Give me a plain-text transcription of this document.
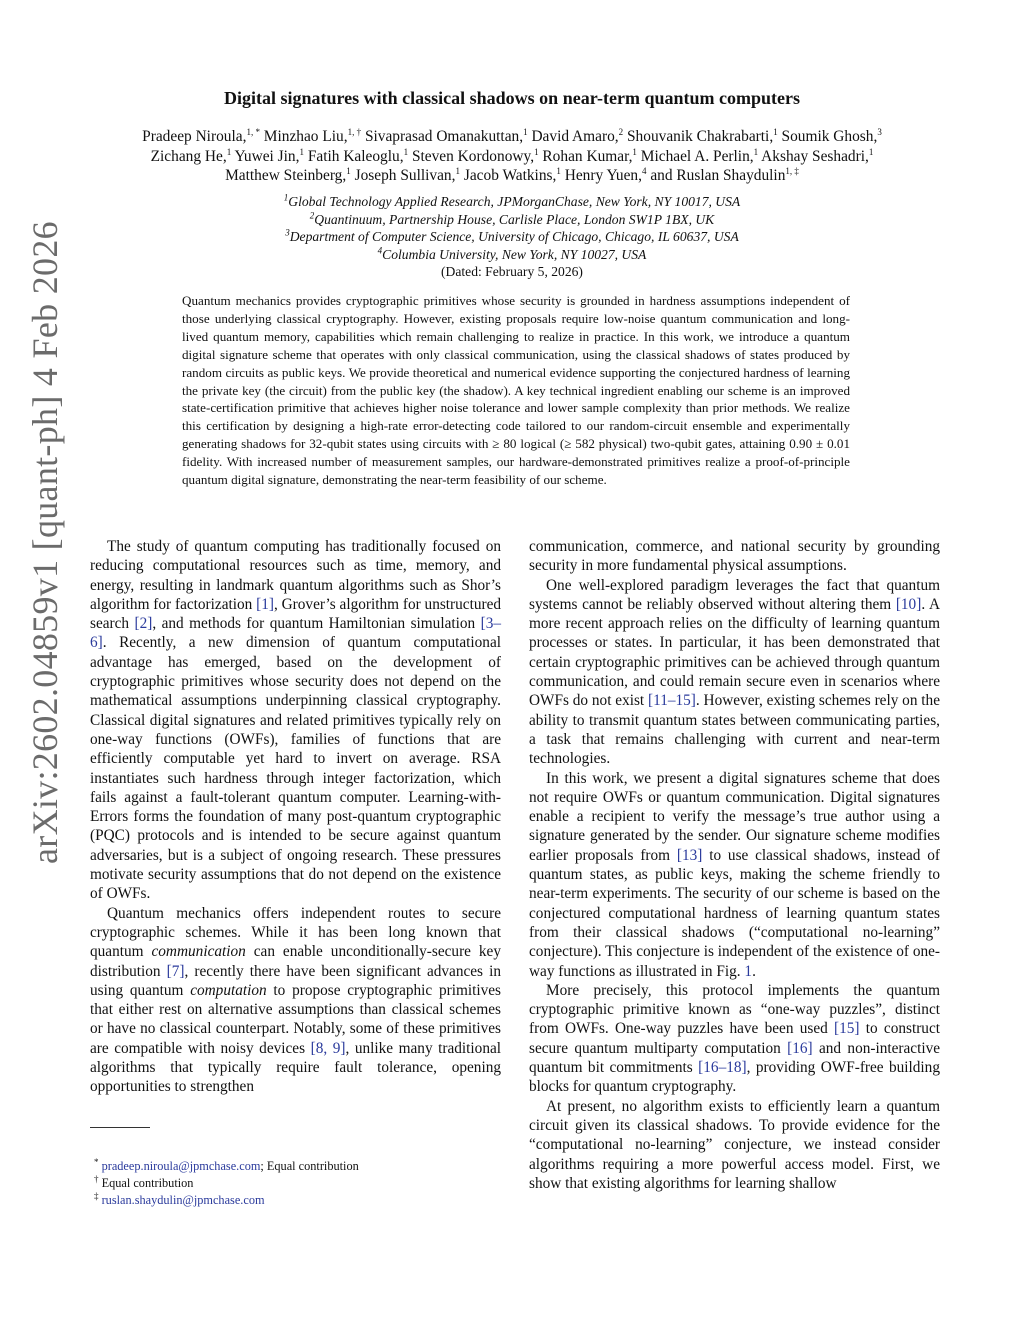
arXiv:2602.04859v1 [quant-ph] 4 Feb 2026
Digital signatures with classical shadows on near-term quantum computers
Pradeep Niroula,$^{1, *}$ Minzhao Liu,$^{1, \dagger}$ Sivaprasad Omanakuttan,$^1$ David Amaro,$^2$ Shouvanik Chakrabarti,$^1$ Soumik Ghosh,$^3$ Zichang He,$^1$ Yuwei Jin,$^1$ Fatih Kaleoglu,$^1$ Steven Kordonowy,$^1$ Rohan Kumar,$^1$ Michael A. Perlin,$^1$ Akshay Seshadri,$^1$ Matthew Steinberg,$^1$ Joseph Sullivan,$^1$ Jacob Watkins,$^1$ Henry Yuen,$^4$ and Ruslan Shaydulin$^{1, \ddagger}$
$^1$Global Technology Applied Research, JPMorganChase, New York, NY 10017, USA
$^2$Quantinuum, Partnership House, Carlisle Place, London SW1P 1BX, UK
$^3$Department of Computer Science, University of Chicago, Chicago, IL 60637, USA
$^4$Columbia University, New York, NY 10027, USA
(Dated: February 5, 2026)
Quantum mechanics provides cryptographic primitives whose security is grounded in hardness assumptions independent of those underlying classical cryptography. However, existing proposals require low-noise quantum communication and long-lived quantum memory, capabilities which remain challenging to realize in practice. In this work, we introduce a quantum digital signature scheme that operates with only classical communication, using the classical shadows of states produced by random circuits as public keys. We provide theoretical and numerical evidence supporting the conjectured hardness of learning the private key (the circuit) from the public key (the shadow). A key technical ingredient enabling our scheme is an improved state-certification primitive that achieves higher noise tolerance and lower sample complexity than prior methods. We realize this certification by designing a high-rate error-detecting code tailored to our random-circuit ensemble and experimentally generating shadows for 32-qubit states using circuits with ≥ 80 logical (≥ 582 physical) two-qubit gates, attaining 0.90 ± 0.01 fidelity. With increased number of measurement samples, our hardware-demonstrated primitives realize a proof-of-principle quantum digital signature, demonstrating the near-term feasibility of our scheme.

The study of quantum computing has traditionally focused on reducing computational resources such as time, memory, and energy, resulting in landmark quantum algorithms such as Shor’s algorithm for factorization [1], Grover’s algorithm for unstructured search [2], and methods for quantum Hamiltonian simulation [3–6]. Recently, a new dimension of quantum computational advantage has emerged, based on the development of cryptographic primitives whose security does not depend on the mathematical assumptions underpinning classical cryptography. Classical digital signatures and related primitives typically rely on one-way functions (OWFs), families of functions that are efficiently computable yet hard to invert on average. RSA instantiates such hardness through integer factorization, which fails against a fault-tolerant quantum computer. Learning-with-Errors forms the foundation of many post-quantum cryptographic (PQC) protocols and is intended to be secure against quantum adversaries, but is a subject of ongoing research. These pressures motivate security assumptions that do not depend on the existence of OWFs.

Quantum mechanics offers independent routes to secure cryptographic schemes. While it has been long known that quantum communication can enable unconditionally-secure key distribution [7], recently there have been significant advances in using quantum computation to propose cryptographic primitives that either rest on alternative assumptions than classical schemes or have no classical counterpart. Notably, some of these primitives are compatible with noisy devices [8, 9], unlike many traditional algorithms that typically require fault tolerance, opening opportunities to strengthen

communication, commerce, and national security by grounding security in more fundamental physical assumptions.

One well-explored paradigm leverages the fact that quantum systems cannot be reliably observed without altering them [10]. A more recent approach relies on the difficulty of learning quantum processes or states. In particular, it has been demonstrated that certain cryptographic primitives can be achieved through quantum communication, and could remain secure even in scenarios where OWFs do not exist [11–15]. However, existing schemes rely on the ability to transmit quantum states between communicating parties, a task that remains challenging with current and near-term technologies.

In this work, we present a digital signatures scheme that does not require OWFs or quantum communication. Digital signatures enable a recipient to verify the message’s true author using a signature generated by the sender. Our signature scheme modifies earlier proposals from [13] to use classical shadows, instead of quantum states, as public keys, making the scheme friendly to near-term experiments. The security of our scheme is based on the conjectured computational hardness of learning quantum states from their classical shadows (“computational no-learning” conjecture). This conjecture is independent of the existence of one-way functions as illustrated in Fig. 1.

More precisely, this protocol implements the quantum cryptographic primitive known as “one-way puzzles”, distinct from OWFs. One-way puzzles have been used [15] to construct secure quantum multiparty computation [16] and non-interactive quantum bit commitments [16–18], providing OWF-free building blocks for quantum cryptography.

At present, no algorithm exists to efficiently learn a quantum circuit given its classical shadows. To provide evidence for the “computational no-learning” conjecture, we instead consider algorithms requiring a more powerful access model. First, we show that existing algorithms for learning shallow

* pradeep.niroula@jpmchase.com; Equal contribution
† Equal contribution
‡ ruslan.shaydulin@jpmchase.com
